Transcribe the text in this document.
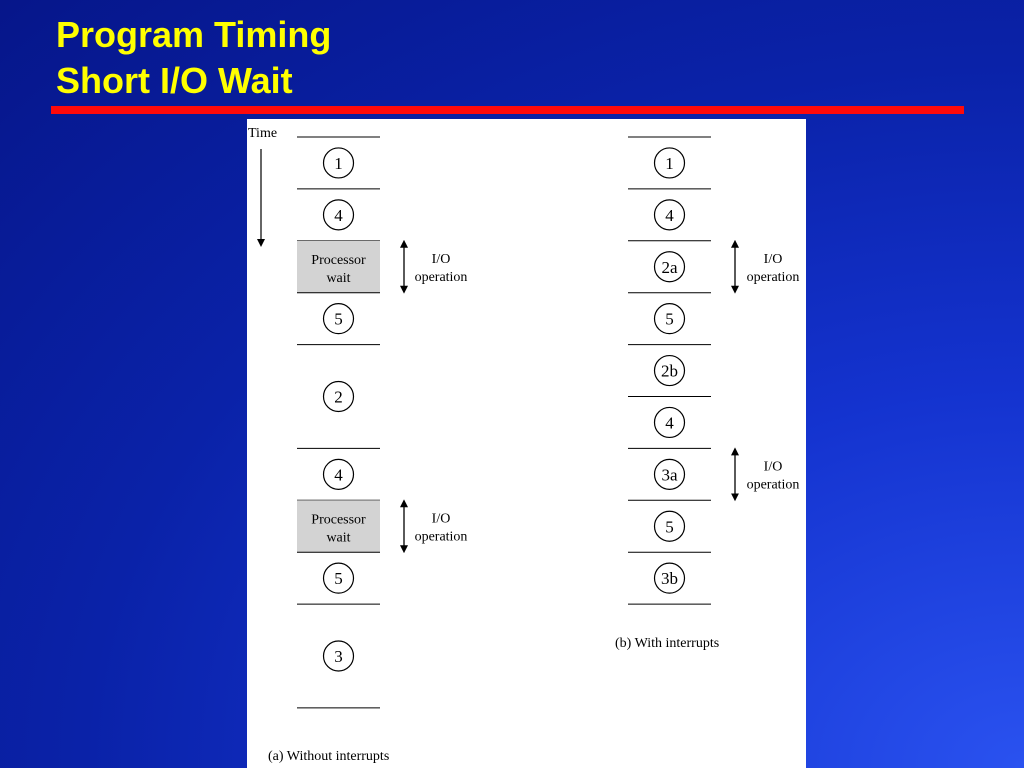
Program Timing
Short I/O Wait
Time
1
4
Processor
wait
5
2
4
Processor
wait
5
3
I/O
operation
I/O
operation
(a) Without interrupts
1
4
2a
5
2b
4
3a
5
3b
I/O
operation
I/O
operation
(b) With interrupts
